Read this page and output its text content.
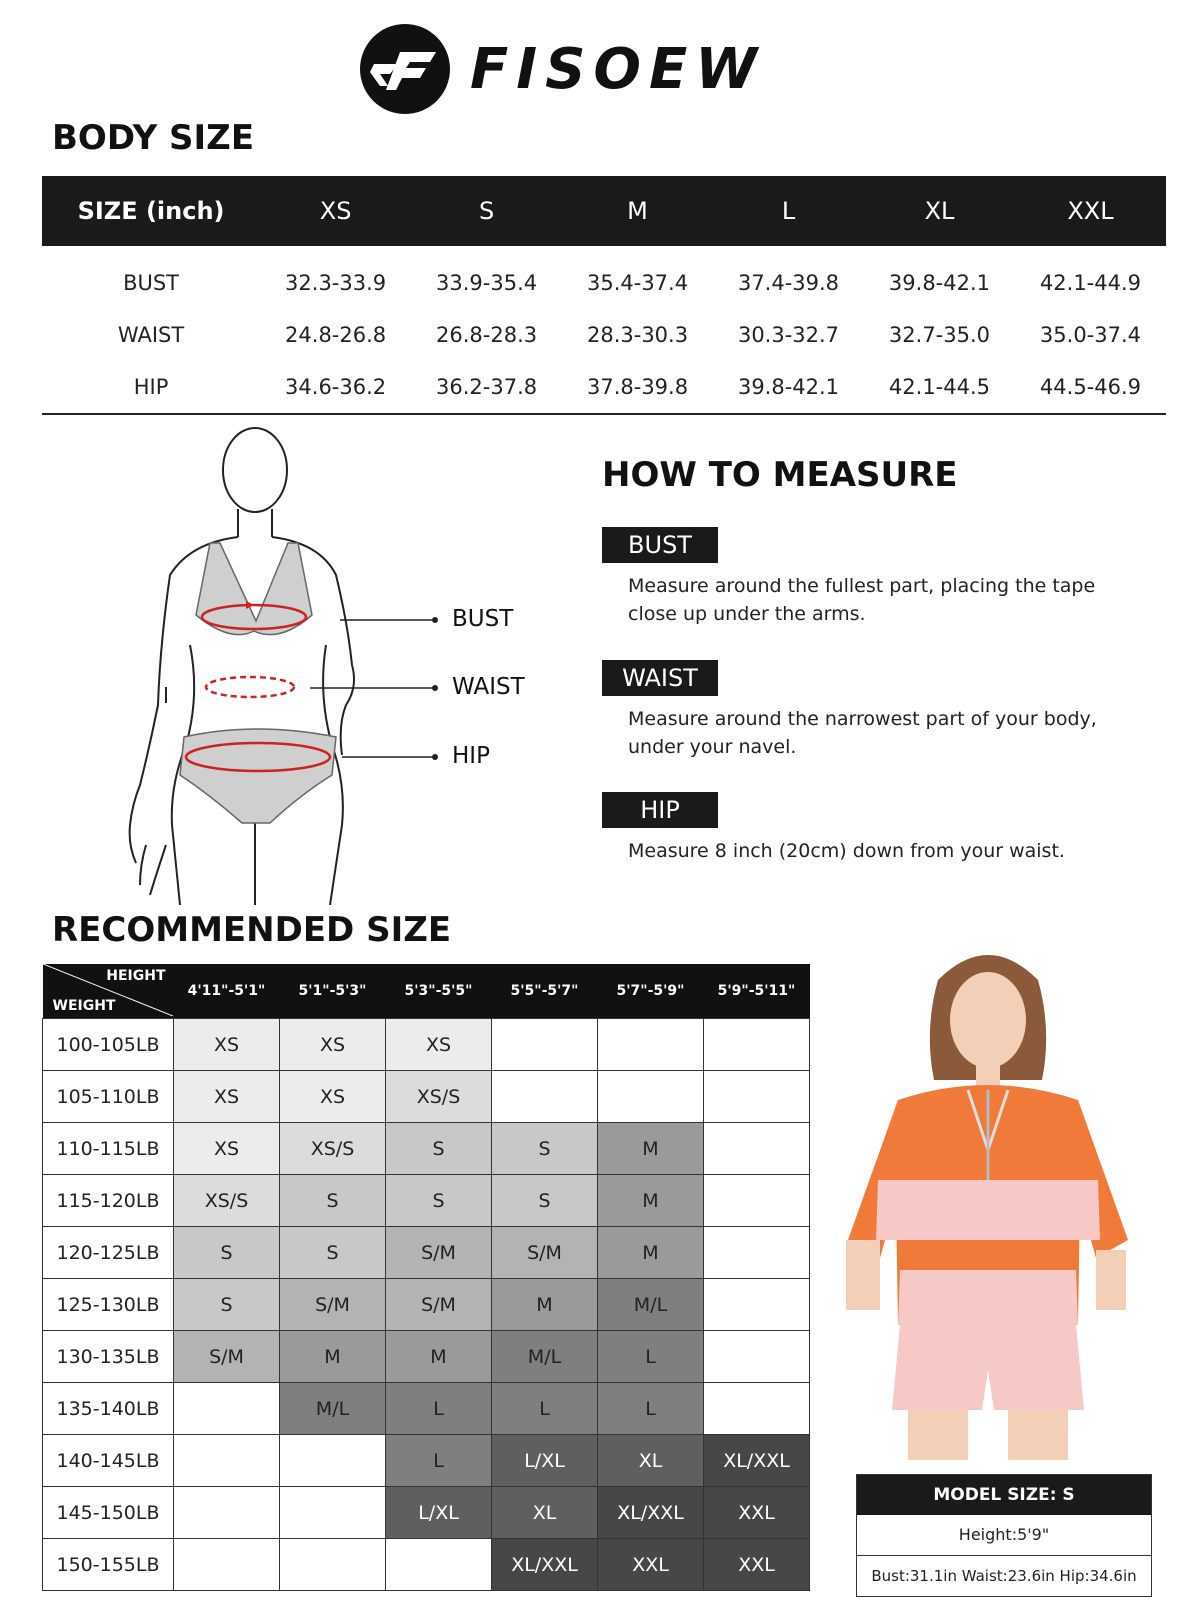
FISOEW
BODY SIZE
SIZE (inch)	XS	S	M	L	XL	XXL
BUST	32.3-33.9	33.9-35.4	35.4-37.4	37.4-39.8	39.8-42.1	42.1-44.9
WAIST	24.8-26.8	26.8-28.3	28.3-30.3	30.3-32.7	32.7-35.0	35.0-37.4
HIP	34.6-36.2	36.2-37.8	37.8-39.8	39.8-42.1	42.1-44.5	44.5-46.9
BUST
WAIST
HIP
HOW TO MEASURE
BUST
Measure around the fullest part, placing the tape
close up under the arms.
WAIST
Measure around the narrowest part of your body,
under your navel.
HIP
Measure 8 inch (20cm) down from your waist.
RECOMMENDED SIZE
HEIGHT
WEIGHT	4'11"-5'1"	5'1"-5'3"	5'3"-5'5"	5'5"-5'7"	5'7"-5'9"	5'9"-5'11"
100-105LB	XS	XS	XS			
105-110LB	XS	XS	XS/S			
110-115LB	XS	XS/S	S	S	M	
115-120LB	XS/S	S	S	S	M	
120-125LB	S	S	S/M	S/M	M	
125-130LB	S	S/M	S/M	M	M/L	
130-135LB	S/M	M	M	M/L	L	
135-140LB		M/L	L	L	L	
140-145LB			L	L/XL	XL	XL/XXL
145-150LB			L/XL	XL	XL/XXL	XXL
150-155LB				XL/XXL	XXL	XXL
MODEL SIZE: S
Height:5'9"
Bust:31.1in Waist:23.6in Hip:34.6in
